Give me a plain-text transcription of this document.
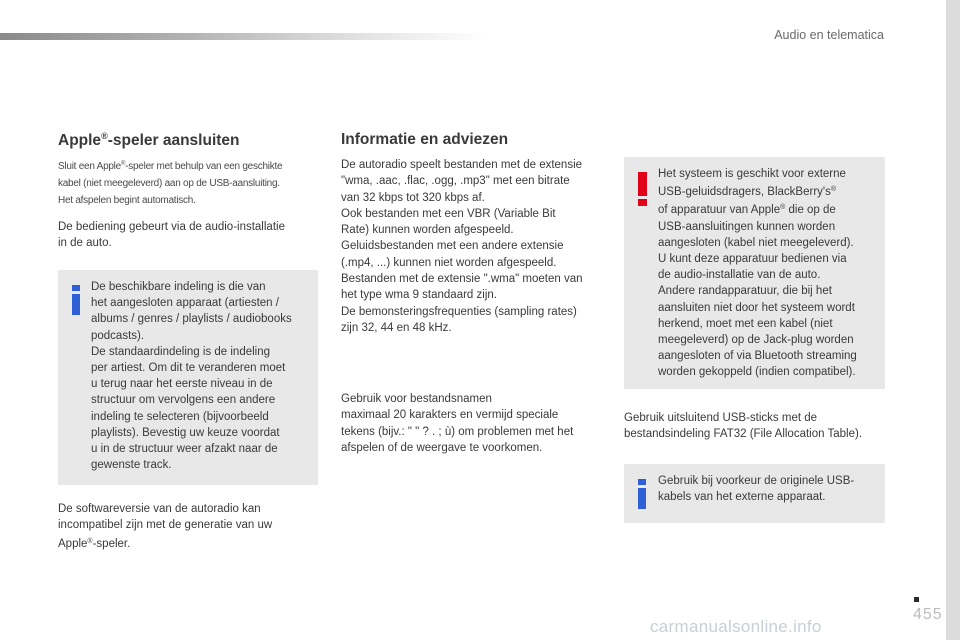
Audio en telematica
Apple®-speler aansluiten
Sluit een Apple®-speler met behulp van een geschikte
kabel (niet meegeleverd) aan op de USB-aansluiting.
Het afspelen begint automatisch.
De bediening gebeurt via de audio-installatie
in de auto.
De beschikbare indeling is die van
het aangesloten apparaat (artiesten /
albums / genres / playlists / audiobooks
podcasts).
De standaardindeling is de indeling
per artiest. Om dit te veranderen moet
u terug naar het eerste niveau in de
structuur om vervolgens een andere
indeling te selecteren (bijvoorbeeld
playlists). Bevestig uw keuze voordat
u in de structuur weer afzakt naar de
gewenste track.
De softwareversie van de autoradio kan
incompatibel zijn met de generatie van uw
Apple®-speler.
Informatie en adviezen
De autoradio speelt bestanden met de extensie
"wma, .aac, .flac, .ogg, .mp3" met een bitrate
van 32 kbps tot 320 kbps af.
Ook bestanden met een VBR (Variable Bit
Rate) kunnen worden afgespeeld.
Geluidsbestanden met een andere extensie
(.mp4, ...) kunnen niet worden afgespeeld.
Bestanden met de extensie ".wma" moeten van
het type wma 9 standaard zijn.
De bemonsteringsfrequenties (sampling rates)
zijn 32, 44 en 48 kHz.
Gebruik voor bestandsnamen
maximaal 20 karakters en vermijd speciale
tekens (bijv.: " " ? . ; ù) om problemen met het
afspelen of de weergave te voorkomen.
Het systeem is geschikt voor externe
USB-geluidsdragers, BlackBerry's®
of apparatuur van Apple® die op de
USB-aansluitingen kunnen worden
aangesloten (kabel niet meegeleverd).
U kunt deze apparatuur bedienen via
de audio-installatie van de auto.
Andere randapparatuur, die bij het
aansluiten niet door het systeem wordt
herkend, moet met een kabel (niet
meegeleverd) op de Jack-plug worden
aangesloten of via Bluetooth streaming
worden gekoppeld (indien compatibel).
Gebruik uitsluitend USB-sticks met de
bestandsindeling FAT32 (File Allocation Table).
Gebruik bij voorkeur de originele USB-
kabels van het externe apparaat.
455
carmanualsonline.info
